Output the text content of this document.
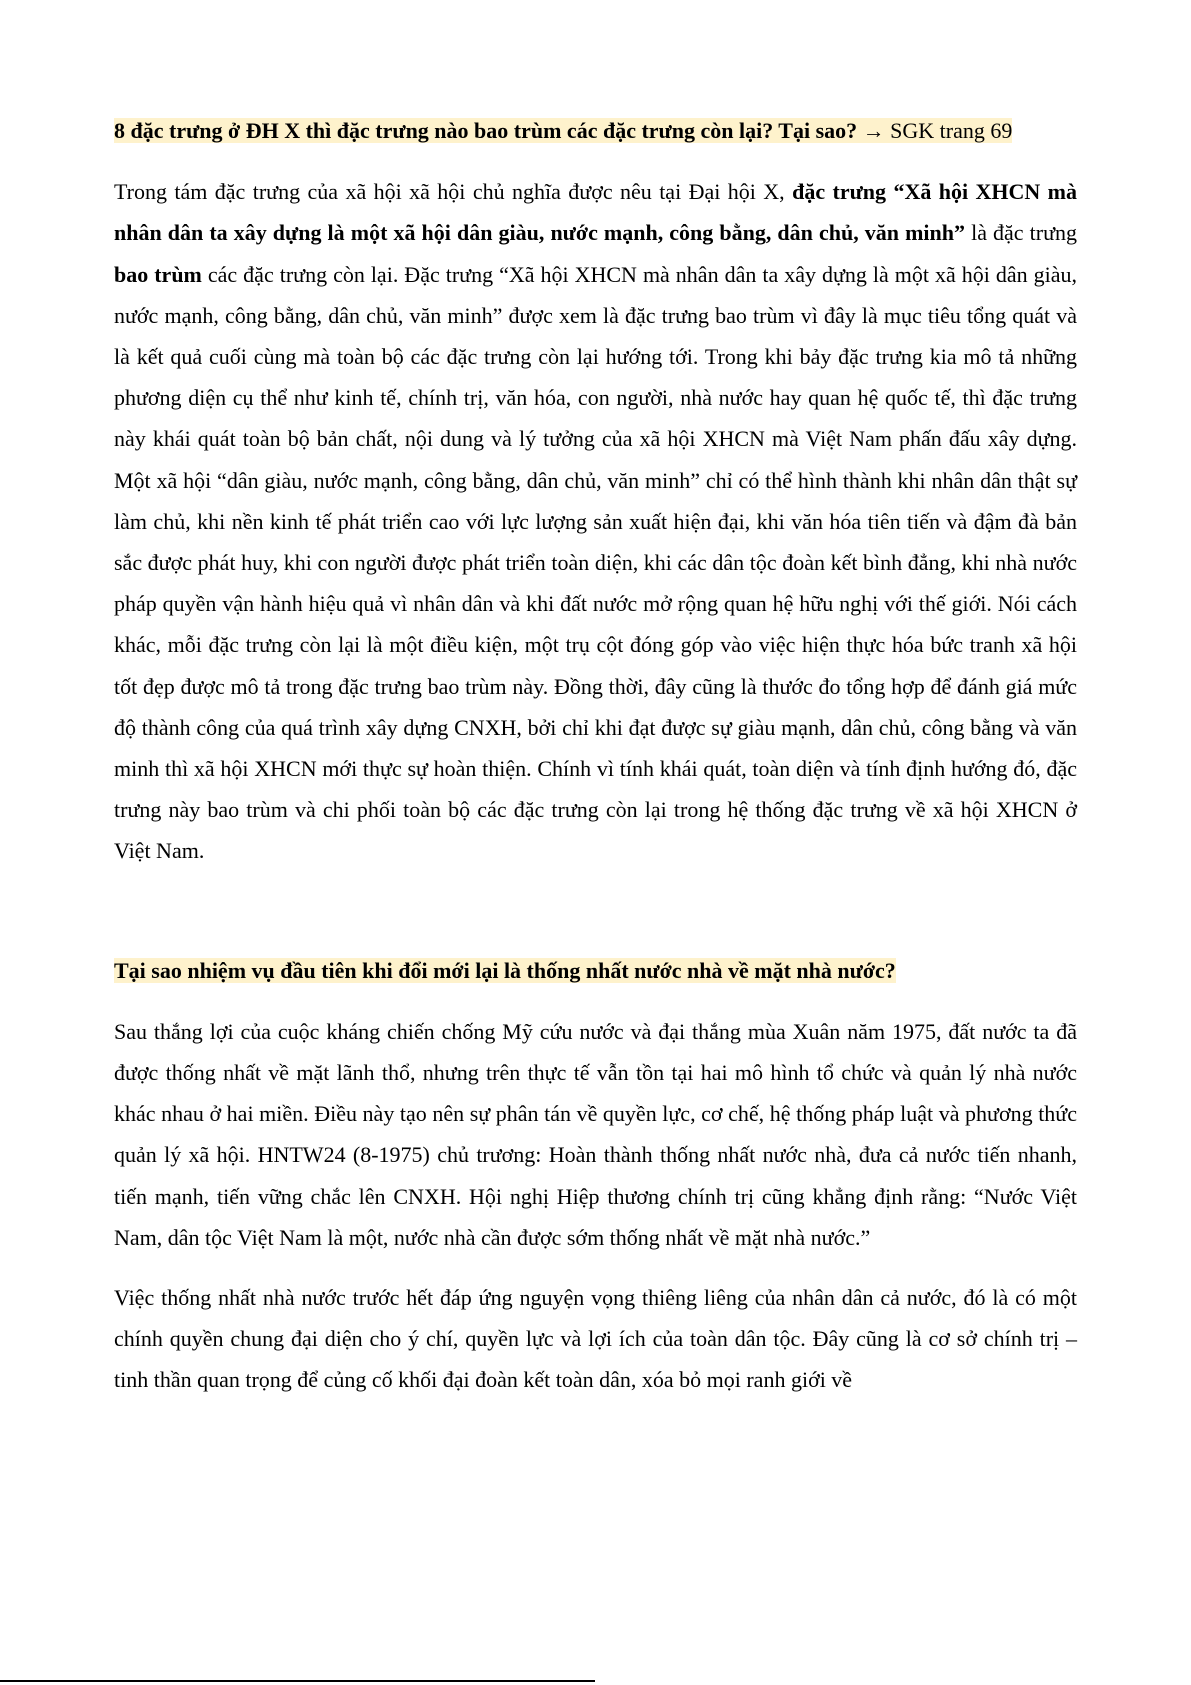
8 đặc trưng ở ĐH X thì đặc trưng nào bao trùm các đặc trưng còn lại? Tại sao? → SGK trang 69

Trong tám đặc trưng của xã hội xã hội chủ nghĩa được nêu tại Đại hội X, đặc trưng “Xã hội XHCN mà nhân dân ta xây dựng là một xã hội dân giàu, nước mạnh, công bằng, dân chủ, văn minh” là đặc trưng bao trùm các đặc trưng còn lại. Đặc trưng “Xã hội XHCN mà nhân dân ta xây dựng là một xã hội dân giàu, nước mạnh, công bằng, dân chủ, văn minh” được xem là đặc trưng bao trùm vì đây là mục tiêu tổng quát và là kết quả cuối cùng mà toàn bộ các đặc trưng còn lại hướng tới. Trong khi bảy đặc trưng kia mô tả những phương diện cụ thể như kinh tế, chính trị, văn hóa, con người, nhà nước hay quan hệ quốc tế, thì đặc trưng này khái quát toàn bộ bản chất, nội dung và lý tưởng của xã hội XHCN mà Việt Nam phấn đấu xây dựng. Một xã hội “dân giàu, nước mạnh, công bằng, dân chủ, văn minh” chỉ có thể hình thành khi nhân dân thật sự làm chủ, khi nền kinh tế phát triển cao với lực lượng sản xuất hiện đại, khi văn hóa tiên tiến và đậm đà bản sắc được phát huy, khi con người được phát triển toàn diện, khi các dân tộc đoàn kết bình đẳng, khi nhà nước pháp quyền vận hành hiệu quả vì nhân dân và khi đất nước mở rộng quan hệ hữu nghị với thế giới. Nói cách khác, mỗi đặc trưng còn lại là một điều kiện, một trụ cột đóng góp vào việc hiện thực hóa bức tranh xã hội tốt đẹp được mô tả trong đặc trưng bao trùm này. Đồng thời, đây cũng là thước đo tổng hợp để đánh giá mức độ thành công của quá trình xây dựng CNXH, bởi chỉ khi đạt được sự giàu mạnh, dân chủ, công bằng và văn minh thì xã hội XHCN mới thực sự hoàn thiện. Chính vì tính khái quát, toàn diện và tính định hướng đó, đặc trưng này bao trùm và chi phối toàn bộ các đặc trưng còn lại trong hệ thống đặc trưng về xã hội XHCN ở Việt Nam.

Tại sao nhiệm vụ đầu tiên khi đổi mới lại là thống nhất nước nhà về mặt nhà nước?

Sau thắng lợi của cuộc kháng chiến chống Mỹ cứu nước và đại thắng mùa Xuân năm 1975, đất nước ta đã được thống nhất về mặt lãnh thổ, nhưng trên thực tế vẫn tồn tại hai mô hình tổ chức và quản lý nhà nước khác nhau ở hai miền. Điều này tạo nên sự phân tán về quyền lực, cơ chế, hệ thống pháp luật và phương thức quản lý xã hội. HNTW24 (8-1975) chủ trương: Hoàn thành thống nhất nước nhà, đưa cả nước tiến nhanh, tiến mạnh, tiến vững chắc lên CNXH. Hội nghị Hiệp thương chính trị cũng khẳng định rằng: “Nước Việt Nam, dân tộc Việt Nam là một, nước nhà cần được sớm thống nhất về mặt nhà nước.”

Việc thống nhất nhà nước trước hết đáp ứng nguyện vọng thiêng liêng của nhân dân cả nước, đó là có một chính quyền chung đại diện cho ý chí, quyền lực và lợi ích của toàn dân tộc. Đây cũng là cơ sở chính trị – tinh thần quan trọng để củng cố khối đại đoàn kết toàn dân, xóa bỏ mọi ranh giới về
